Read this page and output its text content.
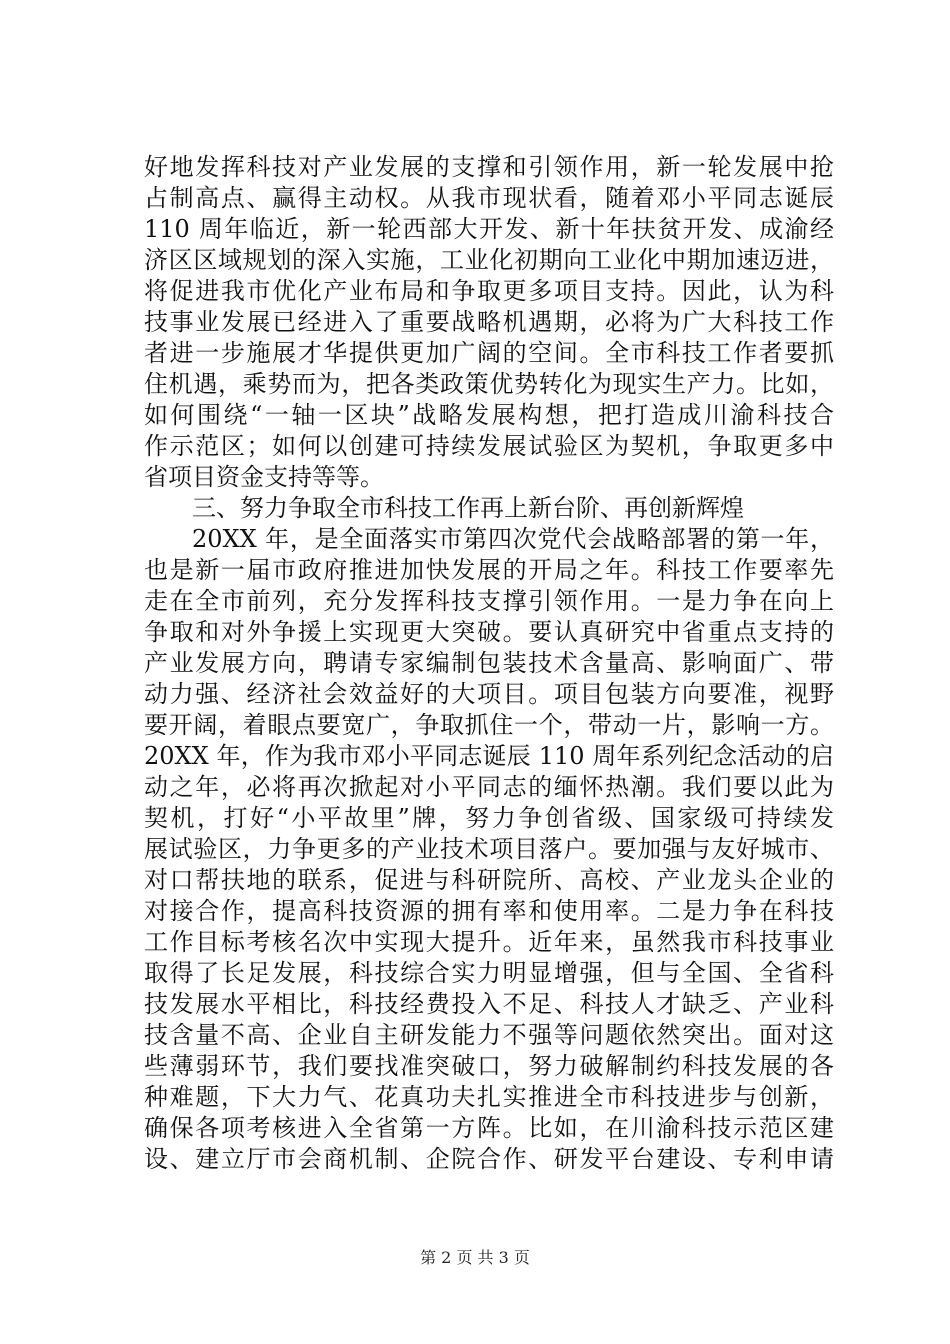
好地发挥科技对产业发展的支撑和引领作用，新一轮发展中抢
占制高点、赢得主动权。从我市现状看，随着邓小平同志诞辰
110 周年临近，新一轮西部大开发、新十年扶贫开发、成渝经
济区区域规划的深入实施，工业化初期向工业化中期加速迈进，
将促进我市优化产业布局和争取更多项目支持。因此，认为科
技事业发展已经进入了重要战略机遇期，必将为广大科技工作
者进一步施展才华提供更加广阔的空间。全市科技工作者要抓
住机遇，乘势而为，把各类政策优势转化为现实生产力。比如，
如何围绕“一轴一区块”战略发展构想，把打造成川渝科技合
作示范区；如何以创建可持续发展试验区为契机，争取更多中
省项目资金支持等等。
三、努力争取全市科技工作再上新台阶、再创新辉煌
20XX 年，是全面落实市第四次党代会战略部署的第一年，
也是新一届市政府推进加快发展的开局之年。科技工作要率先
走在全市前列，充分发挥科技支撑引领作用。一是力争在向上
争取和对外争援上实现更大突破。要认真研究中省重点支持的
产业发展方向，聘请专家编制包装技术含量高、影响面广、带
动力强、经济社会效益好的大项目。项目包装方向要准，视野
要开阔，着眼点要宽广，争取抓住一个，带动一片，影响一方。
20XX 年，作为我市邓小平同志诞辰 110 周年系列纪念活动的启
动之年，必将再次掀起对小平同志的缅怀热潮。我们要以此为
契机，打好“小平故里”牌，努力争创省级、国家级可持续发
展试验区，力争更多的产业技术项目落户。要加强与友好城市、
对口帮扶地的联系，促进与科研院所、高校、产业龙头企业的
对接合作，提高科技资源的拥有率和使用率。二是力争在科技
工作目标考核名次中实现大提升。近年来，虽然我市科技事业
取得了长足发展，科技综合实力明显增强，但与全国、全省科
技发展水平相比，科技经费投入不足、科技人才缺乏、产业科
技含量不高、企业自主研发能力不强等问题依然突出。面对这
些薄弱环节，我们要找准突破口，努力破解制约科技发展的各
种难题，下大力气、花真功夫扎实推进全市科技进步与创新，
确保各项考核进入全省第一方阵。比如，在川渝科技示范区建
设、建立厅市会商机制、企院合作、研发平台建设、专利申请
第 2 页 共 3 页
